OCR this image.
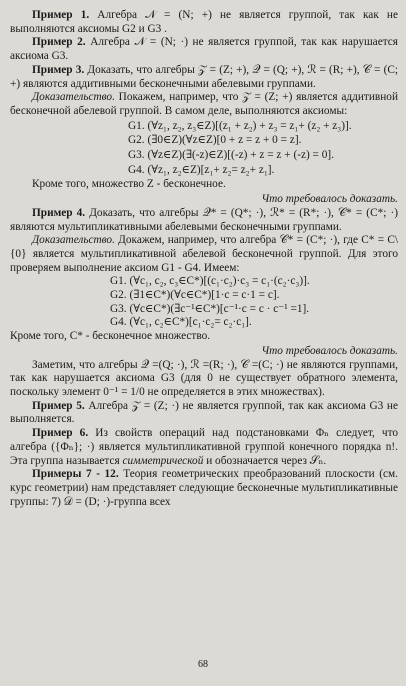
Пример 1. Алгебра 𝒩 = (N; +) не является группой, так как не выполняются аксиомы G2 и G3 .

Пример 2. Алгебра 𝒩 = (N; ·) не является группой, так как нарушается аксиома G3.

Пример 3. Доказать, что алгебры 𝒵 = (Z; +), 𝒬 = (Q; +), ℛ = (R; +), 𝒞 = (C; +) являются аддитивными бесконечными абелевыми группами.

Доказательство. Покажем, например, что 𝒵 = (Z; +) является аддитивной бесконечной абелевой группой. В самом деле, выполняются аксиомы:

G1. (∀z₁, z₂, z₃∈Z)[(z₁ + z₂) + z₃ = z₁+ (z₂ + z₃)].

G2. (∃0∈Z)(∀z∈Z)[0 + z = z + 0 = z].

G3. (∀z∈Z)(∃(-z)∈Z)[(-z) + z = z + (-z) = 0].

G4. (∀z₁, z₂∈Z)[z₁+ z₂= z₂+ z₁].

Кроме того, множество Z - бесконечное.

Что требовалось доказать.

Пример 4. Доказать, что алгебры 𝒬* = (Q*; ·), ℛ* = (R*; ·), 𝒞* = (C*; ·) являются мультипликативными абелевыми бесконечными группами.

Доказательство. Докажем, например, что алгебра 𝒞* = (C*; ·), где C* = C\{0} является мультипликативной абелевой бесконечной группой. Для этого проверяем выполнение аксиом G1 - G4. Имеем:

G1. (∀c₁, c₂, c₃∈C*)[(c₁·c₂)·c₃ = c₁·(c₂·c₃)].

G2. (∃1∈C*)(∀c∈C*)[1·c = c·1 = c].

G3. (∀c∈C*)(∃c⁻¹∈C*)[c⁻¹·c = c · c⁻¹ =1].

G4. (∀c₁, c₂∈C*)[c₁·c₂= c₂·c₁].

Кроме того, C* - бесконечное множество.

Что требовалось доказать.

Заметим, что алгебры 𝒬 =(Q; ·), ℛ =(R; ·), 𝒞 =(C; ·) не являются группами, так как нарушается аксиома G3 (для 0 не существует обратного элемента, поскольку элемент 0⁻¹ = 1/0 не определяется в этих множествах).

Пример 5. Алгебра 𝒵 = (Z; ·) не является группой, так как аксиома G3 не выполняется.

Пример 6. Из свойств операций над подстановками Φₙ следует, что алгебра ({Φₙ}; ·) является мультипликативной группой конечного порядка n!. Эта группа называется симметрической и обозначается через 𝒮ₙ.

Примеры 7 - 12. Теория геометрических преобразований плоскости (см. курс геометрии) нам представляет следующие бесконечные мультипликативные группы: 7) 𝒟 = (D; ·)-группа всех

68
